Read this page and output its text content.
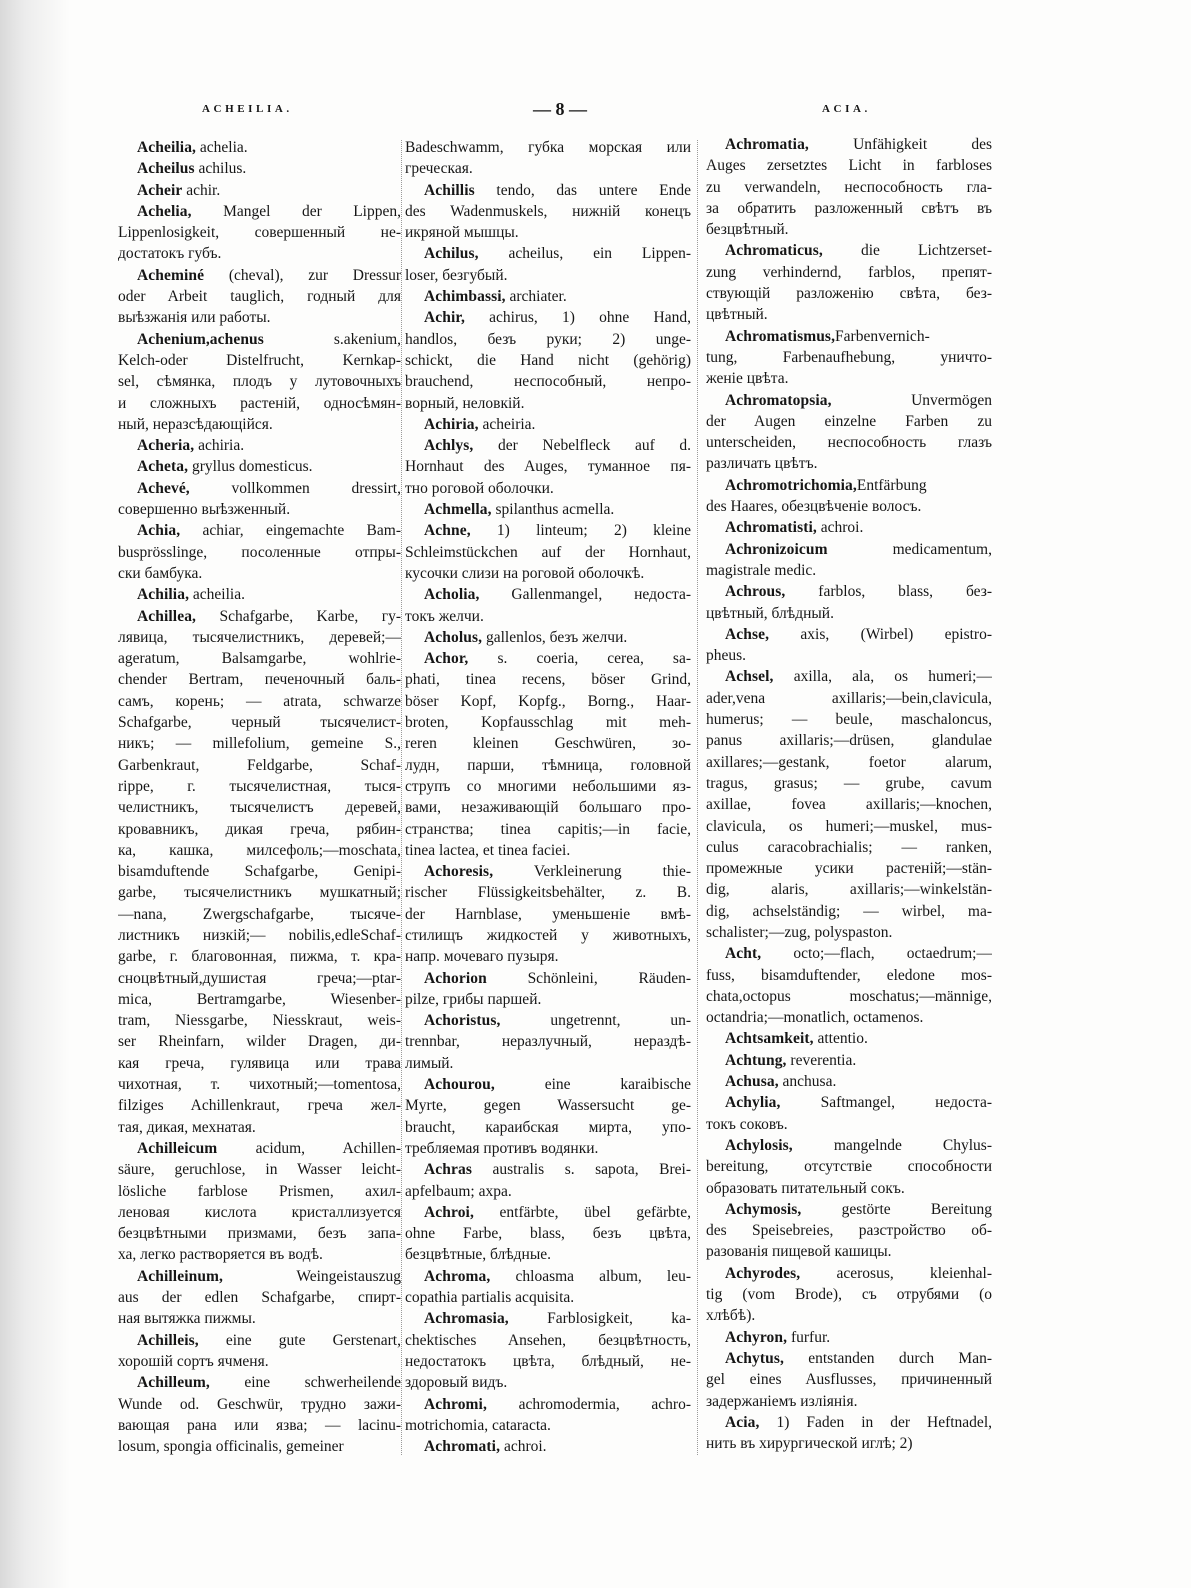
ACHEILIA.	— 8 —	ACIA.
Acheilia, achelia.
Acheilus achilus.
Acheir achir.
Achelia, Mangel der Lippen,
Lippenlosigkeit, совершенный не-
достатокъ губъ.
Acheminé (cheval), zur Dressur
oder Arbeit tauglich, годный для
выѣзжанія или работы.
Achenium,achenus s.akenium,
Kelch-oder Distelfrucht, Kernkap-
sel, сѣмянка, плодъ у лутовочныхъ
и сложныхъ растеній, односѣмян-
ный, неразсѣдающійся.
Acheria, achiria.
Acheta, gryllus domesticus.
Achevé, vollkommen dressirt,
совершенно выѣзженный.
Achia, achiar, eingemachte Bam-
busprösslinge, посоленные отпры-
ски бамбука.
Achilia, acheilia.
Achillea, Schafgarbe, Karbe, гу-
лявица, тысячелистникъ, деревей;—
ageratum, Balsamgarbe, wohlrie-
chender Bertram, печеночный баль-
самъ, корень; — atrata, schwarze
Schafgarbe, черный тысячелист-
никъ; — millefolium, gemeine S.,
Garbenkraut, Feldgarbe, Schaf-
rippe, г. тысячелистная, тыся-
челистникъ, тысячелистъ деревей,
кровавникъ, дикая греча, рябин-
ка, кашка, милсефоль;—moschata,
bisamduftende Schafgarbe, Genipi-
garbe, тысячелистникъ мушкатный;
—nana, Zwergschafgarbe, тысяче-
листникъ низкій;— nobilis,edleSchaf-
garbe, г. благовонная, пижма, т. кра-
сноцвѣтный,душистая греча;—ptar-
mica, Bertramgarbe, Wiesenber-
tram, Niessgarbe, Niesskraut, weis-
ser Rheinfarn, wilder Dragen, ди-
кая греча, гулявица или трава
чихотная, т. чихотный;—tomentosa,
filziges Achillenkraut, греча жел-
тая, дикая, мехнатая.
Achilleicum acidum, Achillen-
säure, geruchlose, in Wasser leicht-
lösliche farblose Prismen, ахил-
леновая кислота кристаллизуется
безцвѣтными призмами, безъ запа-
ха, легко растворяется въ водѣ.
Achilleinum, Weingeistauszug
aus der edlen Schafgarbe, спирт-
ная вытяжка пижмы.
Achilleis, eine gute Gerstenart,
хорошій сортъ ячменя.
Achilleum, eine schwerheilende
Wunde od. Geschwür, трудно зажи-
вающая рана или язва; — lacinu-
losum, spongia officinalis, gemeiner
Badeschwamm, губка морская или
греческая.
Achillis tendo, das untere Ende
des Wadenmuskels, нижній конецъ
икряной мышцы.
Achilus, acheilus, ein Lippen-
loser, безгубый.
Achimbassi, archiater.
Achir, achirus, 1) ohne Hand,
handlos, безъ руки; 2) unge-
schickt, die Hand nicht (gehörig)
brauchend, неспособный, непро-
ворный, неловкій.
Achiria, acheiria.
Achlys, der Nebelfleck auf d.
Hornhaut des Auges, туманное пя-
тно роговой оболочки.
Achmella, spilanthus acmella.
Achne, 1) linteum; 2) kleine
Schleimstückchen auf der Hornhaut,
кусочки слизи на роговой оболочкѣ.
Acholia, Gallenmangel, недоста-
токъ желчи.
Acholus, gallenlos, безъ желчи.
Achor, s. coeria, cerea, sa-
phati, tinea recens, böser Grind,
böser Kopf, Kopfg., Borng., Haar-
broten, Kopfausschlag mit meh-
reren kleinen Geschwüren, зо-
лудн, парши, тѣмница, головной
струпъ со многими небольшими яз-
вами, незаживающій большаго про-
странства; tinea capitis;—in facie,
tinea lactea, et tinea faciei.
Achoresis, Verkleinerung thie-
rischer Flüssigkeitsbehälter, z. B.
der Harnblase, уменьшеніе вмѣ-
стилищъ жидкостей у животныхъ,
напр. мочеваго пузыря.
Achorion Schönleini, Räuden-
pilze, грибы паршей.
Achoristus, ungetrennt, un-
trennbar, неразлучный, нераздѣ-
лимый.
Achourou, eine karaibische
Myrte, gegen Wassersucht ge-
braucht, караибская мирта, упо-
требляемая противъ водянки.
Achras australis s. sapota, Brei-
apfelbaum; ахра.
Achroi, entfärbte, übel gefärbte,
ohne Farbe, blass, безъ цвѣта,
безцвѣтные, блѣдные.
Achroma, chloasma album, leu-
copathia partialis acquisita.
Achromasia, Farblosigkeit, ka-
chektisches Ansehen, безцвѣтность,
недостатокъ цвѣта, блѣдный, не-
здоровый видъ.
Achromi, achromodermia, achro-
motrichomia, cataracta.
Achromati, achroi.
Achromatia, Unfähigkeit des
Auges zersetztes Licht in farbloses
zu verwandeln, неспособность гла-
за обратить разложенный свѣтъ въ
безцвѣтный.
Achromaticus, die Lichtzerset-
zung verhindernd, farblos, препят-
ствующій разложенію свѣта, без-
цвѣтный.
Achromatismus,Farbenvernich-
tung, Farbenaufhebung, уничто-
женіе цвѣта.
Achromatopsia, Unvermögen
der Augen einzelne Farben zu
unterscheiden, неспособность глазъ
различать цвѣтъ.
Achromotrichomia,Entfärbung
des Haares, обезцвѣченіе волосъ.
Achromatisti, achroi.
Achronizoicum medicamentum,
magistrale medic.
Achrous, farblos, blass, без-
цвѣтный, блѣдный.
Achse, axis, (Wirbel) epistro-
pheus.
Achsel, axilla, ala, os humeri;—
ader,vena axillaris;—bein,clavicula,
humerus; — beule, maschaloncus,
panus axillaris;—drüsen, glandulae
axillares;—gestank, foetor alarum,
tragus, grasus; — grube, cavum
axillae, fovea axillaris;—knochen,
clavicula, os humeri;—muskel, mus-
culus caracobrachialis; — ranken,
промежные усики растеній;—stän-
dig, alaris, axillaris;—winkelstän-
dig, achselständig; — wirbel, ma-
schalister;—zug, polyspaston.
Acht, octo;—flach, octaedrum;—
fuss, bisamduftender, eledone mos-
chata,octopus moschatus;—männige,
octandria;—monatlich, octamenos.
Achtsamkeit, attentio.
Achtung, reverentia.
Achusa, anchusa.
Achylia, Saftmangel, недоста-
токъ соковъ.
Achylosis, mangelnde Chylus-
bereitung, отсутствіе способности
образовать питательный сокъ.
Achymosis, gestörte Bereitung
des Speisebreies, разстройство об-
разованія пищевой кашицы.
Achyrodes, acerosus, kleienhal-
tig (vom Brode), съ отрубями (о
хлѣбѣ).
Achyron, furfur.
Achytus, entstanden durch Man-
gel eines Ausflusses, причиненный
задержаніемъ изліянія.
Acia, 1) Faden in der Heftnadel,
нить въ хирургической иглѣ; 2)
